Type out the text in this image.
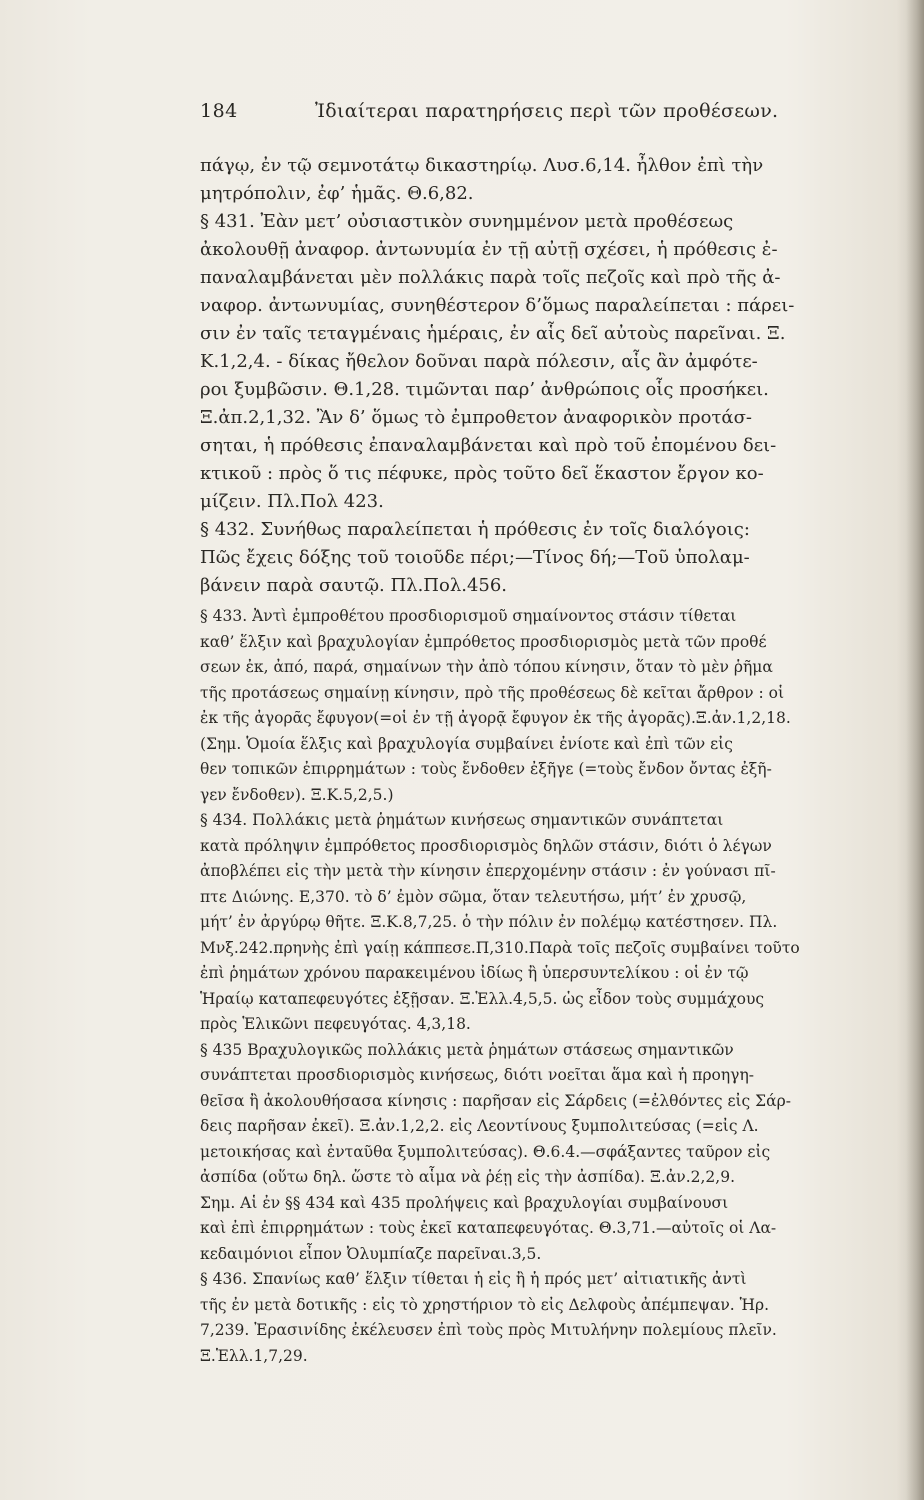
184	Ἰδιαίτεραι παρατηρήσεις περὶ τῶν προθέσεων.
πάγῳ, ἐν τῷ σεμνοτάτῳ δικαστηρίῳ. Λυσ.6,14. ἦλθον ἐπὶ τὴν
μητρόπολιν, ἐφ’ ἡμᾶς. Θ.6,82.
§ 431. Ἐὰν μετ’ οὐσιαστικὸν συνημμένον μετὰ προθέσεως
ἀκολουθῇ ἀναφορ. ἀντωνυμία ἐν τῇ αὐτῇ σχέσει, ἡ πρόθεσις ἐ-
παναλαμβάνεται μὲν πολλάκις παρὰ τοῖς πεζοῖς καὶ πρὸ τῆς ἀ-
ναφορ. ἀντωνυμίας, συνηθέστερον δ’ὅμως παραλείπεται : πάρει-
σιν ἐν ταῖς τεταγμέναις ἡμέραις, ἐν αἷς δεῖ αὐτοὺς παρεῖναι. Ξ.
Κ.1,2,4. - δίκας ἤθελον δοῦναι παρὰ πόλεσιν, αἷς ἂν ἀμφότε-
ροι ξυμβῶσιν. Θ.1,28. τιμῶνται παρ’ ἀνθρώποις οἷς προσήκει.
Ξ.ἀπ.2,1,32. Ἂν δ’ ὅμως τὸ ἐμπροθετον ἀναφορικὸν προτάσ-
σηται, ἡ πρόθεσις ἐπαναλαμβάνεται καὶ πρὸ τοῦ ἐπομένου δει-
κτικοῦ : πρὸς ὅ τις πέφυκε, πρὸς τοῦτο δεῖ ἕκαστον ἔργον κο-
μίζειν. Πλ.Πολ 423.
§ 432. Συνήθως παραλείπεται ἡ πρόθεσις ἐν τοῖς διαλόγοις:
Πῶς ἔχεις δόξης τοῦ τοιοῦδε πέρι;—Τίνος δή;—Τοῦ ὑπολαμ-
βάνειν παρὰ σαυτῷ. Πλ.Πολ.456.
§ 433. Ἀντὶ ἐμπροθέτου προσδιορισμοῦ σημαίνοντος στάσιν τίθεται
καθ’ ἕλξιν καὶ βραχυλογίαν ἐμπρόθετος προσδιορισμὸς μετὰ τῶν προθέ
σεων ἐκ, ἀπό, παρά, σημαίνων τὴν ἀπὸ τόπου κίνησιν, ὅταν τὸ μὲν ῥῆμα
τῆς προτάσεως σημαίνῃ κίνησιν, πρὸ τῆς προθέσεως δὲ κεῖται ἄρθρον : οἱ
ἐκ τῆς ἀγορᾶς ἔφυγον(=οἱ ἐν τῇ ἀγορᾷ ἔφυγον ἐκ τῆς ἀγορᾶς).Ξ.ἀν.1,2,18.
(Σημ. Ὁμοία ἕλξις καὶ βραχυλογία συμβαίνει ἐνίοτε καὶ ἐπὶ τῶν εἰς
θεν τοπικῶν ἐπιρρημάτων : τοὺς ἔνδοθεν ἐξῆγε (=τοὺς ἔνδον ὄντας ἐξῆ-
γεν ἔνδοθεν). Ξ.Κ.5,2,5.)
§ 434. Πολλάκις μετὰ ῥημάτων κινήσεως σημαντικῶν συνάπτεται
κατὰ πρόληψιν ἐμπρόθετος προσδιορισμὸς δηλῶν στάσιν, διότι ὁ λέγων
ἀποβλέπει εἰς τὴν μετὰ τὴν κίνησιν ἐπερχομένην στάσιν : ἐν γούνασι πῖ-
πτε Διώνης. Ε,370. τὸ δ’ ἐμὸν σῶμα, ὅταν τελευτήσω, μήτ’ ἐν χρυσῷ,
μήτ’ ἐν ἀργύρῳ θῆτε. Ξ.Κ.8,7,25. ὁ τὴν πόλιν ἐν πολέμῳ κατέστησεν. Πλ.
Μνξ.242.πρηνὴς ἐπὶ γαίῃ κάππεσε.Π,310.Παρὰ τοῖς πεζοῖς συμβαίνει τοῦτο
ἐπὶ ῥημάτων χρόνου παρακειμένου ἰδίως ἢ ὑπερσυντελίκου : οἱ ἐν τῷ
Ἡραίῳ καταπεφευγότες ἐξῇσαν. Ξ.Ἑλλ.4,5,5. ὡς εἶδον τοὺς συμμάχους
πρὸς Ἑλικῶνι πεφευγότας. 4,3,18.
§ 435 Βραχυλογικῶς πολλάκις μετὰ ῥημάτων στάσεως σημαντικῶν
συνάπτεται προσδιορισμὸς κινήσεως, διότι νοεῖται ἅμα καὶ ἡ προηγη-
θεῖσα ἢ ἀκολουθήσασα κίνησις : παρῆσαν εἰς Σάρδεις (=ἐλθόντες εἰς Σάρ-
δεις παρῆσαν ἐκεῖ). Ξ.ἀν.1,2,2. εἰς Λεοντίνους ξυμπολιτεύσας (=εἰς Λ.
μετοικήσας καὶ ἐνταῦθα ξυμπολιτεύσας). Θ.6.4.—σφάξαντες ταῦρον εἰς
ἀσπίδα (οὕτω δηλ. ὥστε τὸ αἷμα νὰ ῥέῃ εἰς τὴν ἀσπίδα). Ξ.ἀν.2,2,9.
Σημ. Αἱ ἐν §§ 434 καὶ 435 προλήψεις καὶ βραχυλογίαι συμβαίνουσι
καὶ ἐπὶ ἐπιρρημάτων : τοὺς ἐκεῖ καταπεφευγότας. Θ.3,71.—αὐτοῖς οἱ Λα-
κεδαιμόνιοι εἶπον Ὀλυμπίαζε παρεῖναι.3,5.
§ 436. Σπανίως καθ’ ἕλξιν τίθεται ἡ εἰς ἢ ἡ πρός μετ’ αἰτιατικῆς ἀντὶ
τῆς ἐν μετὰ δοτικῆς : εἰς τὸ χρηστήριον τὸ εἰς Δελφοὺς ἀπέμπεψαν. Ἡρ.
7,239. Ἐρασινίδης ἐκέλευσεν ἐπὶ τοὺς πρὸς Μιτυλήνην πολεμίους πλεῖν.
Ξ.Ἑλλ.1,7,29.
